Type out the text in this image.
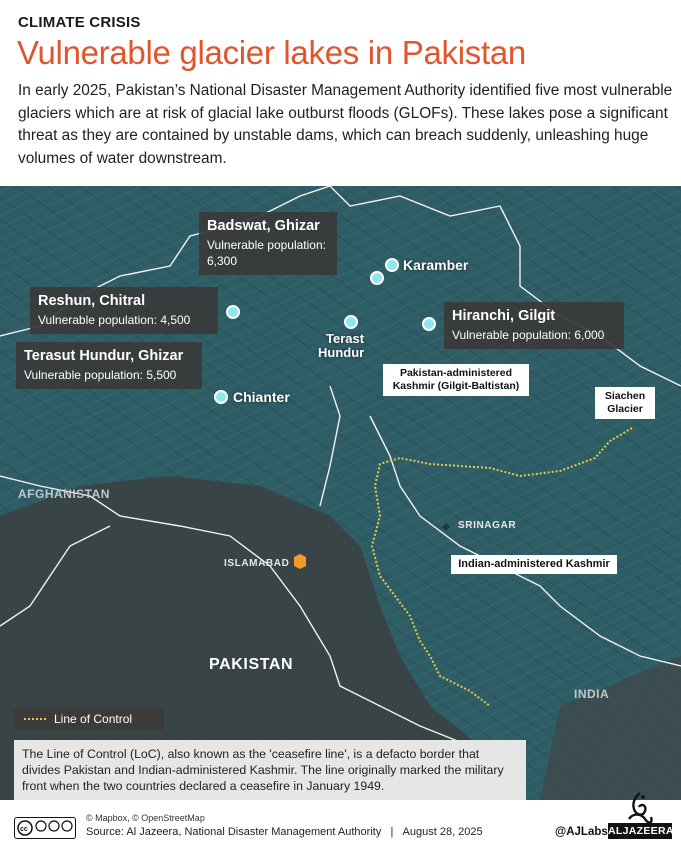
CLIMATE CRISIS
Vulnerable glacier lakes in Pakistan
In early 2025, Pakistan’s National Disaster Management Authority identified five most vulnerable glaciers which are at risk of glacial lake outburst floods (GLOFs). These lakes pose a significant threat as they are contained by unstable dams, which can breach suddenly, unleashing huge volumes of water downstream.
Badswat, Ghizar
Vulnerable population: 6,300
Reshun, Chitral
Vulnerable population: 4,500
Terasut Hundur, Ghizar
Vulnerable population: 5,500
Hiranchi, Gilgit
Vulnerable population: 6,000
Karamber
Terast
Hundur
Chianter
Pakistan-administered
Kashmir (Gilgit-Baltistan)
Siachen
Glacier
Indian-administered Kashmir
AFGHANISTAN
PAKISTAN
INDIA
SRINAGAR
ISLAMABAD
Line of Control
The Line of Control (LoC), also known as the 'ceasefire line', is a defacto border that divides Pakistan and Indian-administered Kashmir. The line originally marked the military front when the two countries declared a ceasefire in January 1949.
cc
© Mapbox, © OpenStreetMap
Source: Al Jazeera, National Disaster Management Authority | August 28, 2025	@AJLabs ALJAZEERA
